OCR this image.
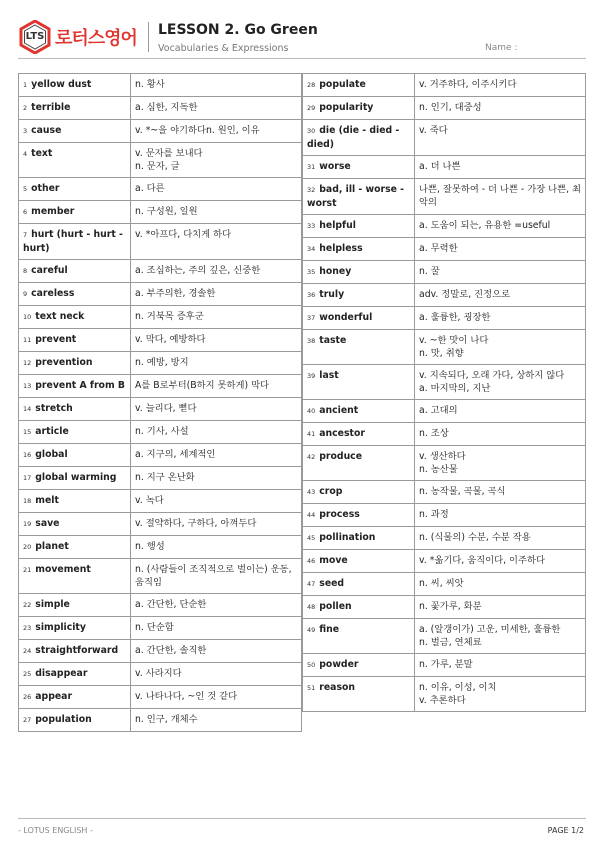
LTS 로터스영어 LESSON 2. Go Green
Vocabularies & Expressions	Name :
1 yellow dust	n. 황사
2 terrible	a. 심한, 지독한
3 cause	v. *~을 야기하다n. 원인, 이유
4 text	v. 문자를 보내다
n. 문자, 글
5 other	a. 다른
6 member	n. 구성원, 일원
7 hurt (hurt - hurt - hurt)	v. *아프다, 다치게 하다
8 careful	a. 조심하는, 주의 깊은, 신중한
9 careless	a. 부주의한, 경솔한
10 text neck	n. 거북목 증후군
11 prevent	v. 막다, 예방하다
12 prevention	n. 예방, 방지
13 prevent A from B	A를 B로부터(B하지 못하게) 막다
14 stretch	v. 늘리다, 뻗다
15 article	n. 기사, 사설
16 global	a. 지구의, 세계적인
17 global warming	n. 지구 온난화
18 melt	v. 녹다
19 save	v. 절약하다, 구하다, 아껴두다
20 planet	n. 행성
21 movement	n. (사람들이 조직적으로 벌이는) 운동, 움직임
22 simple	a. 간단한, 단순한
23 simplicity	n. 단순함
24 straightforward	a. 간단한, 솔직한
25 disappear	v. 사라지다
26 appear	v. 나타나다, ~인 것 같다
27 population	n. 인구, 개체수
28 populate	v. 거주하다, 이주시키다
29 popularity	n. 인기, 대중성
30 die (die - died - died)	v. 죽다
31 worse	a. 더 나쁜
32 bad, ill - worse - worst	나쁜, 잘못하여 - 더 나쁜 - 가장 나쁜, 최악의
33 helpful	a. 도움이 되는, 유용한 =useful
34 helpless	a. 무력한
35 honey	n. 꿀
36 truly	adv. 정말로, 진정으로
37 wonderful	a. 훌륭한, 굉장한
38 taste	v. ~한 맛이 나다
n. 맛, 취향
39 last	v. 지속되다, 오래 가다, 상하지 않다
a. 마지막의, 지난
40 ancient	a. 고대의
41 ancestor	n. 조상
42 produce	v. 생산하다
n. 농산물
43 crop	n. 농작물, 곡물, 곡식
44 process	n. 과정
45 pollination	n. (식물의) 수분, 수분 작용
46 move	v. *옮기다, 움직이다, 이주하다
47 seed	n. 씨, 씨앗
48 pollen	n. 꽃가루, 화분
49 fine	a. (알갱이가) 고운, 미세한, 훌륭한
n. 벌금, 연체료
50 powder	n. 가루, 분말
51 reason	n. 이유, 이성, 이치
v. 추론하다
- LOTUS ENGLISH -	PAGE 1/2
